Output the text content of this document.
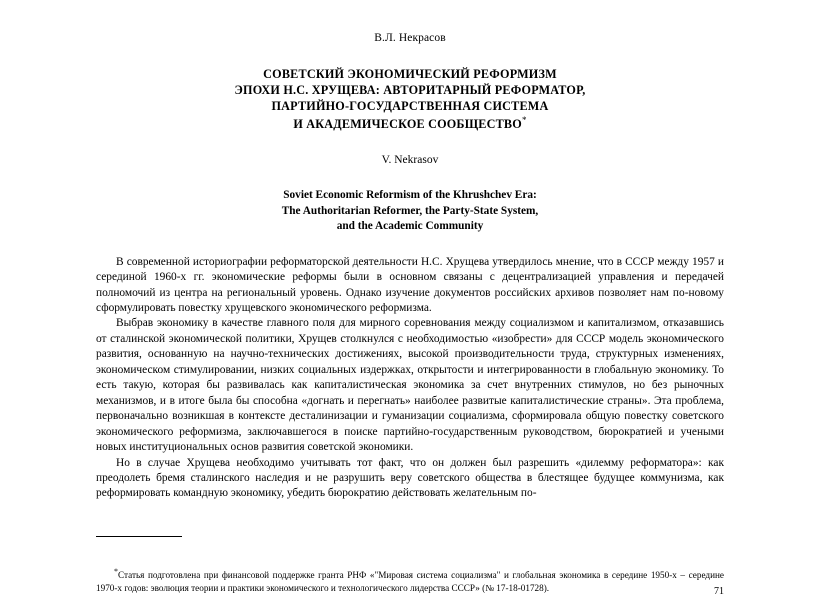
В.Л. Некрасов
СОВЕТСКИЙ ЭКОНОМИЧЕСКИЙ РЕФОРМИЗМ
ЭПОХИ Н.С. ХРУЩЕВА: АВТОРИТАРНЫЙ РЕФОРМАТОР,
ПАРТИЙНО-ГОСУДАРСТВЕННАЯ СИСТЕМА
И АКАДЕМИЧЕСКОЕ СООБЩЕСТВО*
V. Nekrasov
Soviet Economic Reformism of the Khrushchev Era:
The Authoritarian Reformer, the Party-State System,
and the Academic Community

В современной историографии реформаторской деятельности Н.С. Хрущева утвердилось мнение, что в СССР между 1957 и серединой 1960-х гг. экономические реформы были в основном связаны с децентрализацией управления и передачей полномочий из центра на региональный уровень. Однако изучение документов российских архивов позволяет нам по-новому сформулировать повестку хрущевского экономического реформизма.

Выбрав экономику в качестве главного поля для мирного соревнования между социализмом и капитализмом, отказавшись от сталинской экономической политики, Хрущев столкнулся с необходимостью «изобрести» для СССР модель экономического развития, основанную на научно-технических достижениях, высокой производительности труда, структурных изменениях, экономическом стимулировании, низких социальных издержках, открытости и интегрированности в глобальную экономику. То есть такую, которая бы развивалась как капиталистическая экономика за счет внутренних стимулов, но без рыночных механизмов, и в итоге была бы способна «догнать и перегнать» наиболее развитые капиталистические страны». Эта проблема, первоначально возникшая в контексте десталинизации и гуманизации социализма, сформировала общую повестку советского экономического реформизма, заключавшегося в поиске партийно-государственным руководством, бюрократией и учеными новых институциональных основ развития советской экономики.

Но в случае Хрущева необходимо учитывать тот факт, что он должен был разрешить «дилемму реформатора»: как преодолеть бремя сталинского наследия и не разрушить веру советского общества в блестящее будущее коммунизма, как реформировать командную экономику, убедить бюрократию действовать желательным по-

*Статья подготовлена при финансовой поддержке гранта РНФ «"Мировая система социализма" и глобальная экономика в середине 1950-х – середине 1970-х годов: эволюция теории и практики экономического и технологического лидерства СССР» (№ 17-18-01728).	71
